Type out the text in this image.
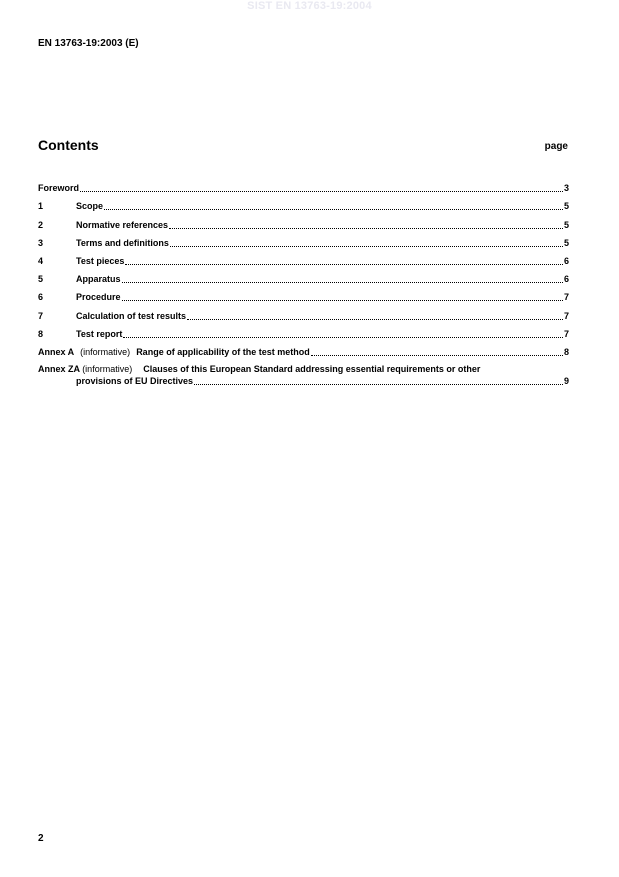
SIST EN 13763-19:2004
EN 13763-19:2003 (E)
Contents	page
Foreword	3
1	Scope	5
2	Normative references	5
3	Terms and definitions	5
4	Test pieces	6
5	Apparatus	6
6	Procedure	7
7	Calculation of test results	7
8	Test report	7
Annex A (informative) Range of applicability of the test method	8
Annex ZA (informative) Clauses of this European Standard addressing essential requirements or other
provisions of EU Directives	9
2
